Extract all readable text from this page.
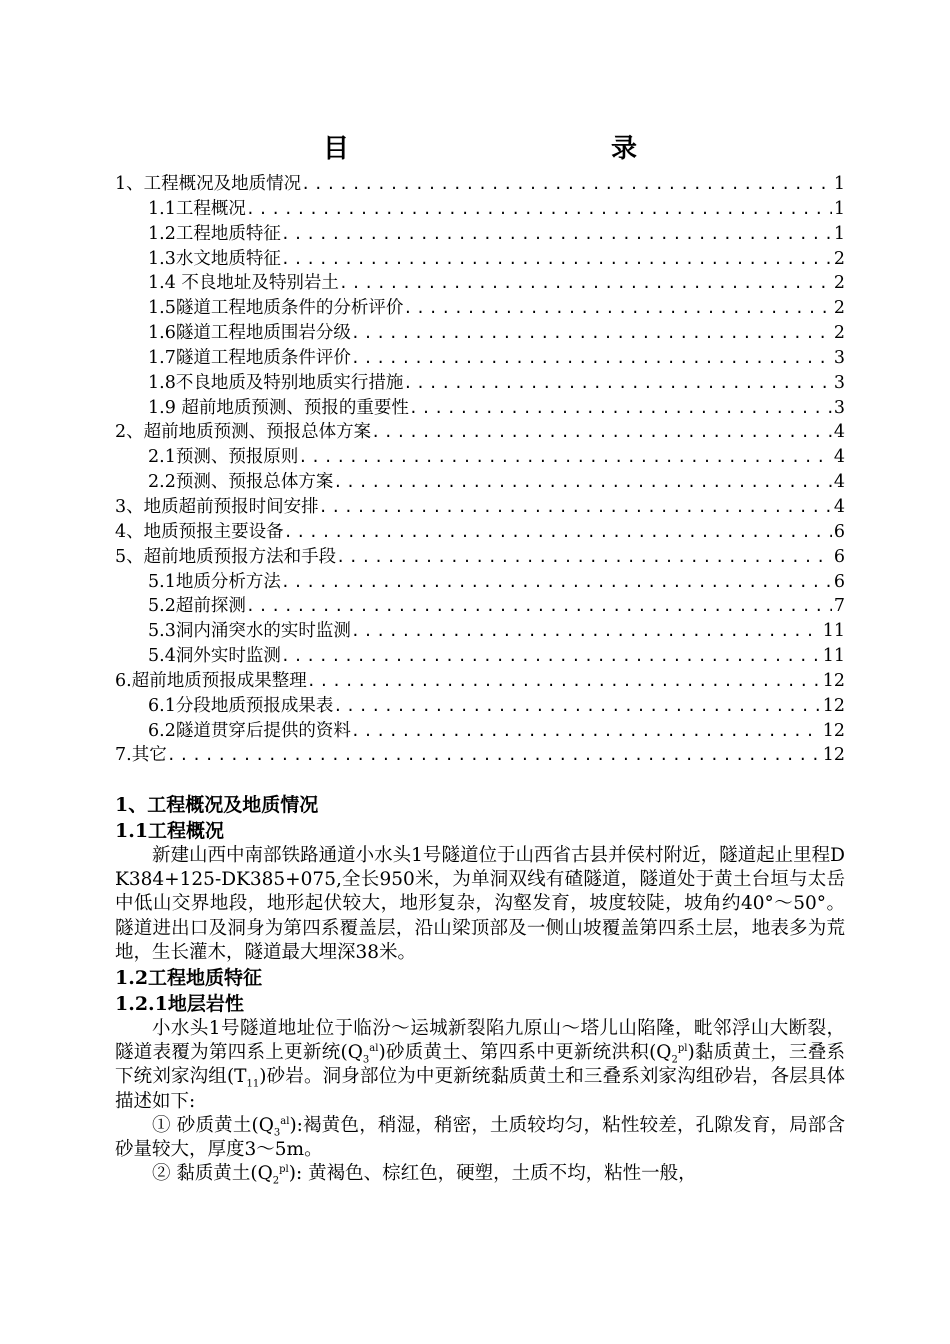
目　　录
1、工程概况及地质情况 .....	1
1.1工程概况 .....	1
1.2工程地质特征 .....	1
1.3水文地质特征 .....	2
1.4 不良地址及特别岩土 .....	2
1.5隧道工程地质条件的分析评价 .....	2
1.6隧道工程地质围岩分级 .....	2
1.7隧道工程地质条件评价 .....	3
1.8不良地质及特别地质实行措施 .....	3
1.9 超前地质预测、预报的重要性 .....	3
2、超前地质预测、预报总体方案 .....	4
2.1预测、预报原则 .....	4
2.2预测、预报总体方案 .....	4
3、地质超前预报时间安排 .....	4
4、地质预报主要设备 .....	6
5、超前地质预报方法和手段 .....	6
5.1地质分析方法 .....	6
5.2超前探测 .....	7
5.3洞内涌突水的实时监测 .....	11
5.4洞外实时监测 .....	11
6.超前地质预报成果整理 .....	12
6.1分段地质预报成果表 .....	12
6.2隧道贯穿后提供的资料 .....	12
7.其它 .....	12

1、工程概况及地质情况

1.1工程概况

新建山西中南部铁路通道小水头1号隧道位于山西省古县并侯村附近，隧道起止里程DK384+125-DK385+075,全长950米，为单洞双线有碴隧道，隧道处于黄土台垣与太岳中低山交界地段，地形起伏较大，地形复杂，沟壑发育，坡度较陡，坡角约40°～50°。隧道进出口及洞身为第四系覆盖层，沿山梁顶部及一侧山坡覆盖第四系土层，地表多为荒地，生长灌木，隧道最大埋深38米。

1.2工程地质特征

1.2.1地层岩性

小水头1号隧道地址位于临汾～运城新裂陷九原山～塔儿山陷隆，毗邻浮山大断裂，隧道表覆为第四系上更新统$(Q_3^{al})$砂质黄土、第四系中更新统洪积$(Q_2^{pl})$黏质黄土，三叠系下统刘家沟组$(T_{11})$砂岩。洞身部位为中更新统黏质黄土和三叠系刘家沟组砂岩，各层具体描述如下:

① 砂质黄土$(Q_3^{al})$:褐黄色，稍湿，稍密，土质较均匀，粘性较差，孔隙发育，局部含砂量较大，厚度3～5m。

② 黏质黄土$(Q_2^{pl})$: 黄褐色、棕红色，硬塑，土质不均，粘性一般，
